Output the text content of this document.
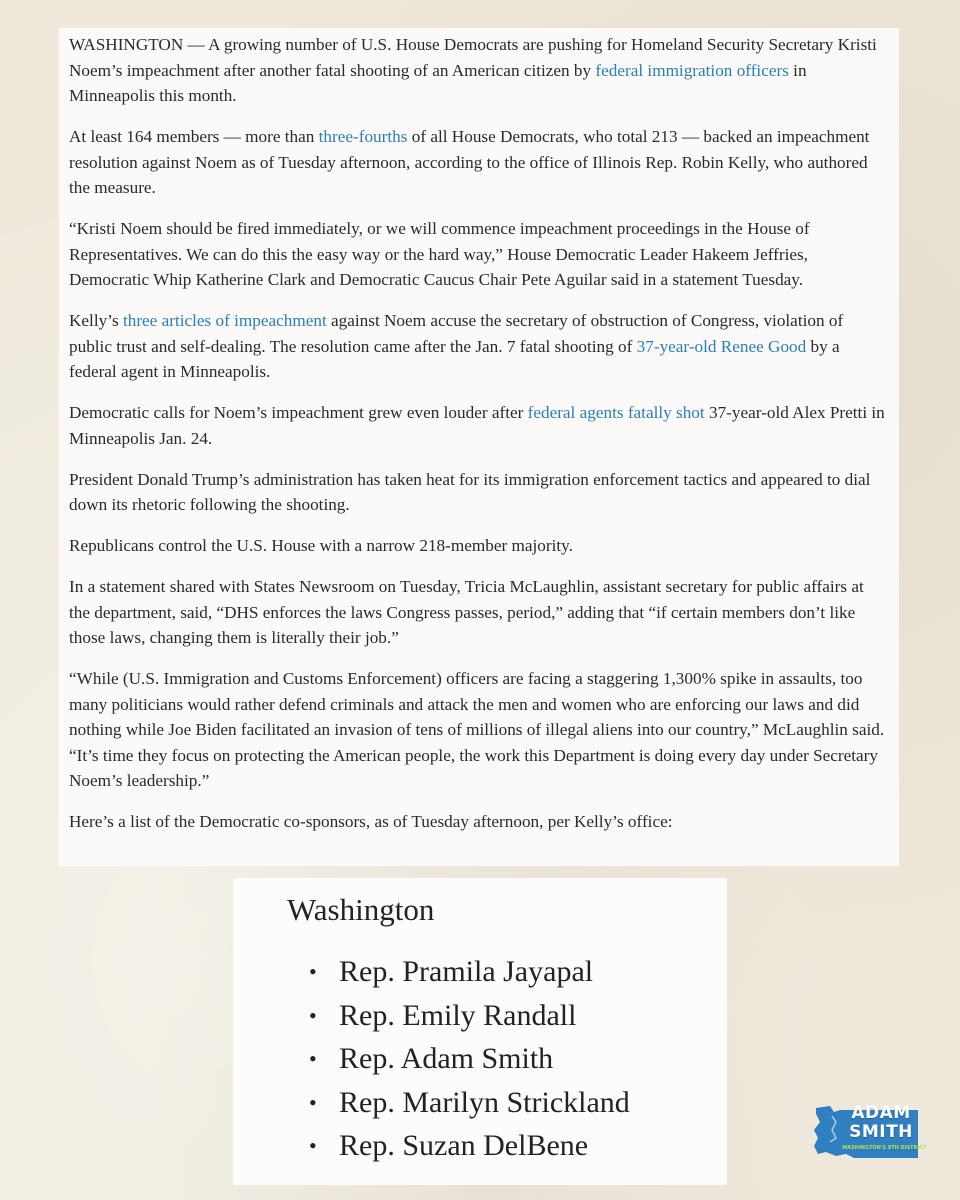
WASHINGTON — A growing number of U.S. House Democrats are pushing for Homeland Security Secretary Kristi Noem’s impeachment after another fatal shooting of an American citizen by federal immigration officers in Minneapolis this month.

At least 164 members — more than three-fourths of all House Democrats, who total 213 — backed an impeachment resolution against Noem as of Tuesday afternoon, according to the office of Illinois Rep. Robin Kelly, who authored the measure.

“Kristi Noem should be fired immediately, or we will commence impeachment proceedings in the House of Representatives. We can do this the easy way or the hard way,” House Democratic Leader Hakeem Jeffries, Democratic Whip Katherine Clark and Democratic Caucus Chair Pete Aguilar said in a statement Tuesday.

Kelly’s three articles of impeachment against Noem accuse the secretary of obstruction of Congress, violation of public trust and self-dealing. The resolution came after the Jan. 7 fatal shooting of 37-year-old Renee Good by a federal agent in Minneapolis.

Democratic calls for Noem’s impeachment grew even louder after federal agents fatally shot 37-year-old Alex Pretti in Minneapolis Jan. 24.

President Donald Trump’s administration has taken heat for its immigration enforcement tactics and appeared to dial down its rhetoric following the shooting.

Republicans control the U.S. House with a narrow 218-member majority.

In a statement shared with States Newsroom on Tuesday, Tricia McLaughlin, assistant secretary for public affairs at the department, said, “DHS enforces the laws Congress passes, period,” adding that “if certain members don’t like those laws, changing them is literally their job.”

“While (U.S. Immigration and Customs Enforcement) officers are facing a staggering 1,300% spike in assaults, too many politicians would rather defend criminals and attack the men and women who are enforcing our laws and did nothing while Joe Biden facilitated an invasion of tens of millions of illegal aliens into our country,” McLaughlin said. “It’s time they focus on protecting the American people, the work this Department is doing every day under Secretary Noem’s leadership.”

Here’s a list of the Democratic co-sponsors, as of Tuesday afternoon, per Kelly’s office:

Washington
• Rep. Pramila Jayapal
• Rep. Emily Randall
• Rep. Adam Smith
• Rep. Marilyn Strickland
• Rep. Suzan DelBene
ADAM
SMITH
WASHINGTON'S 9TH DISTRICT
